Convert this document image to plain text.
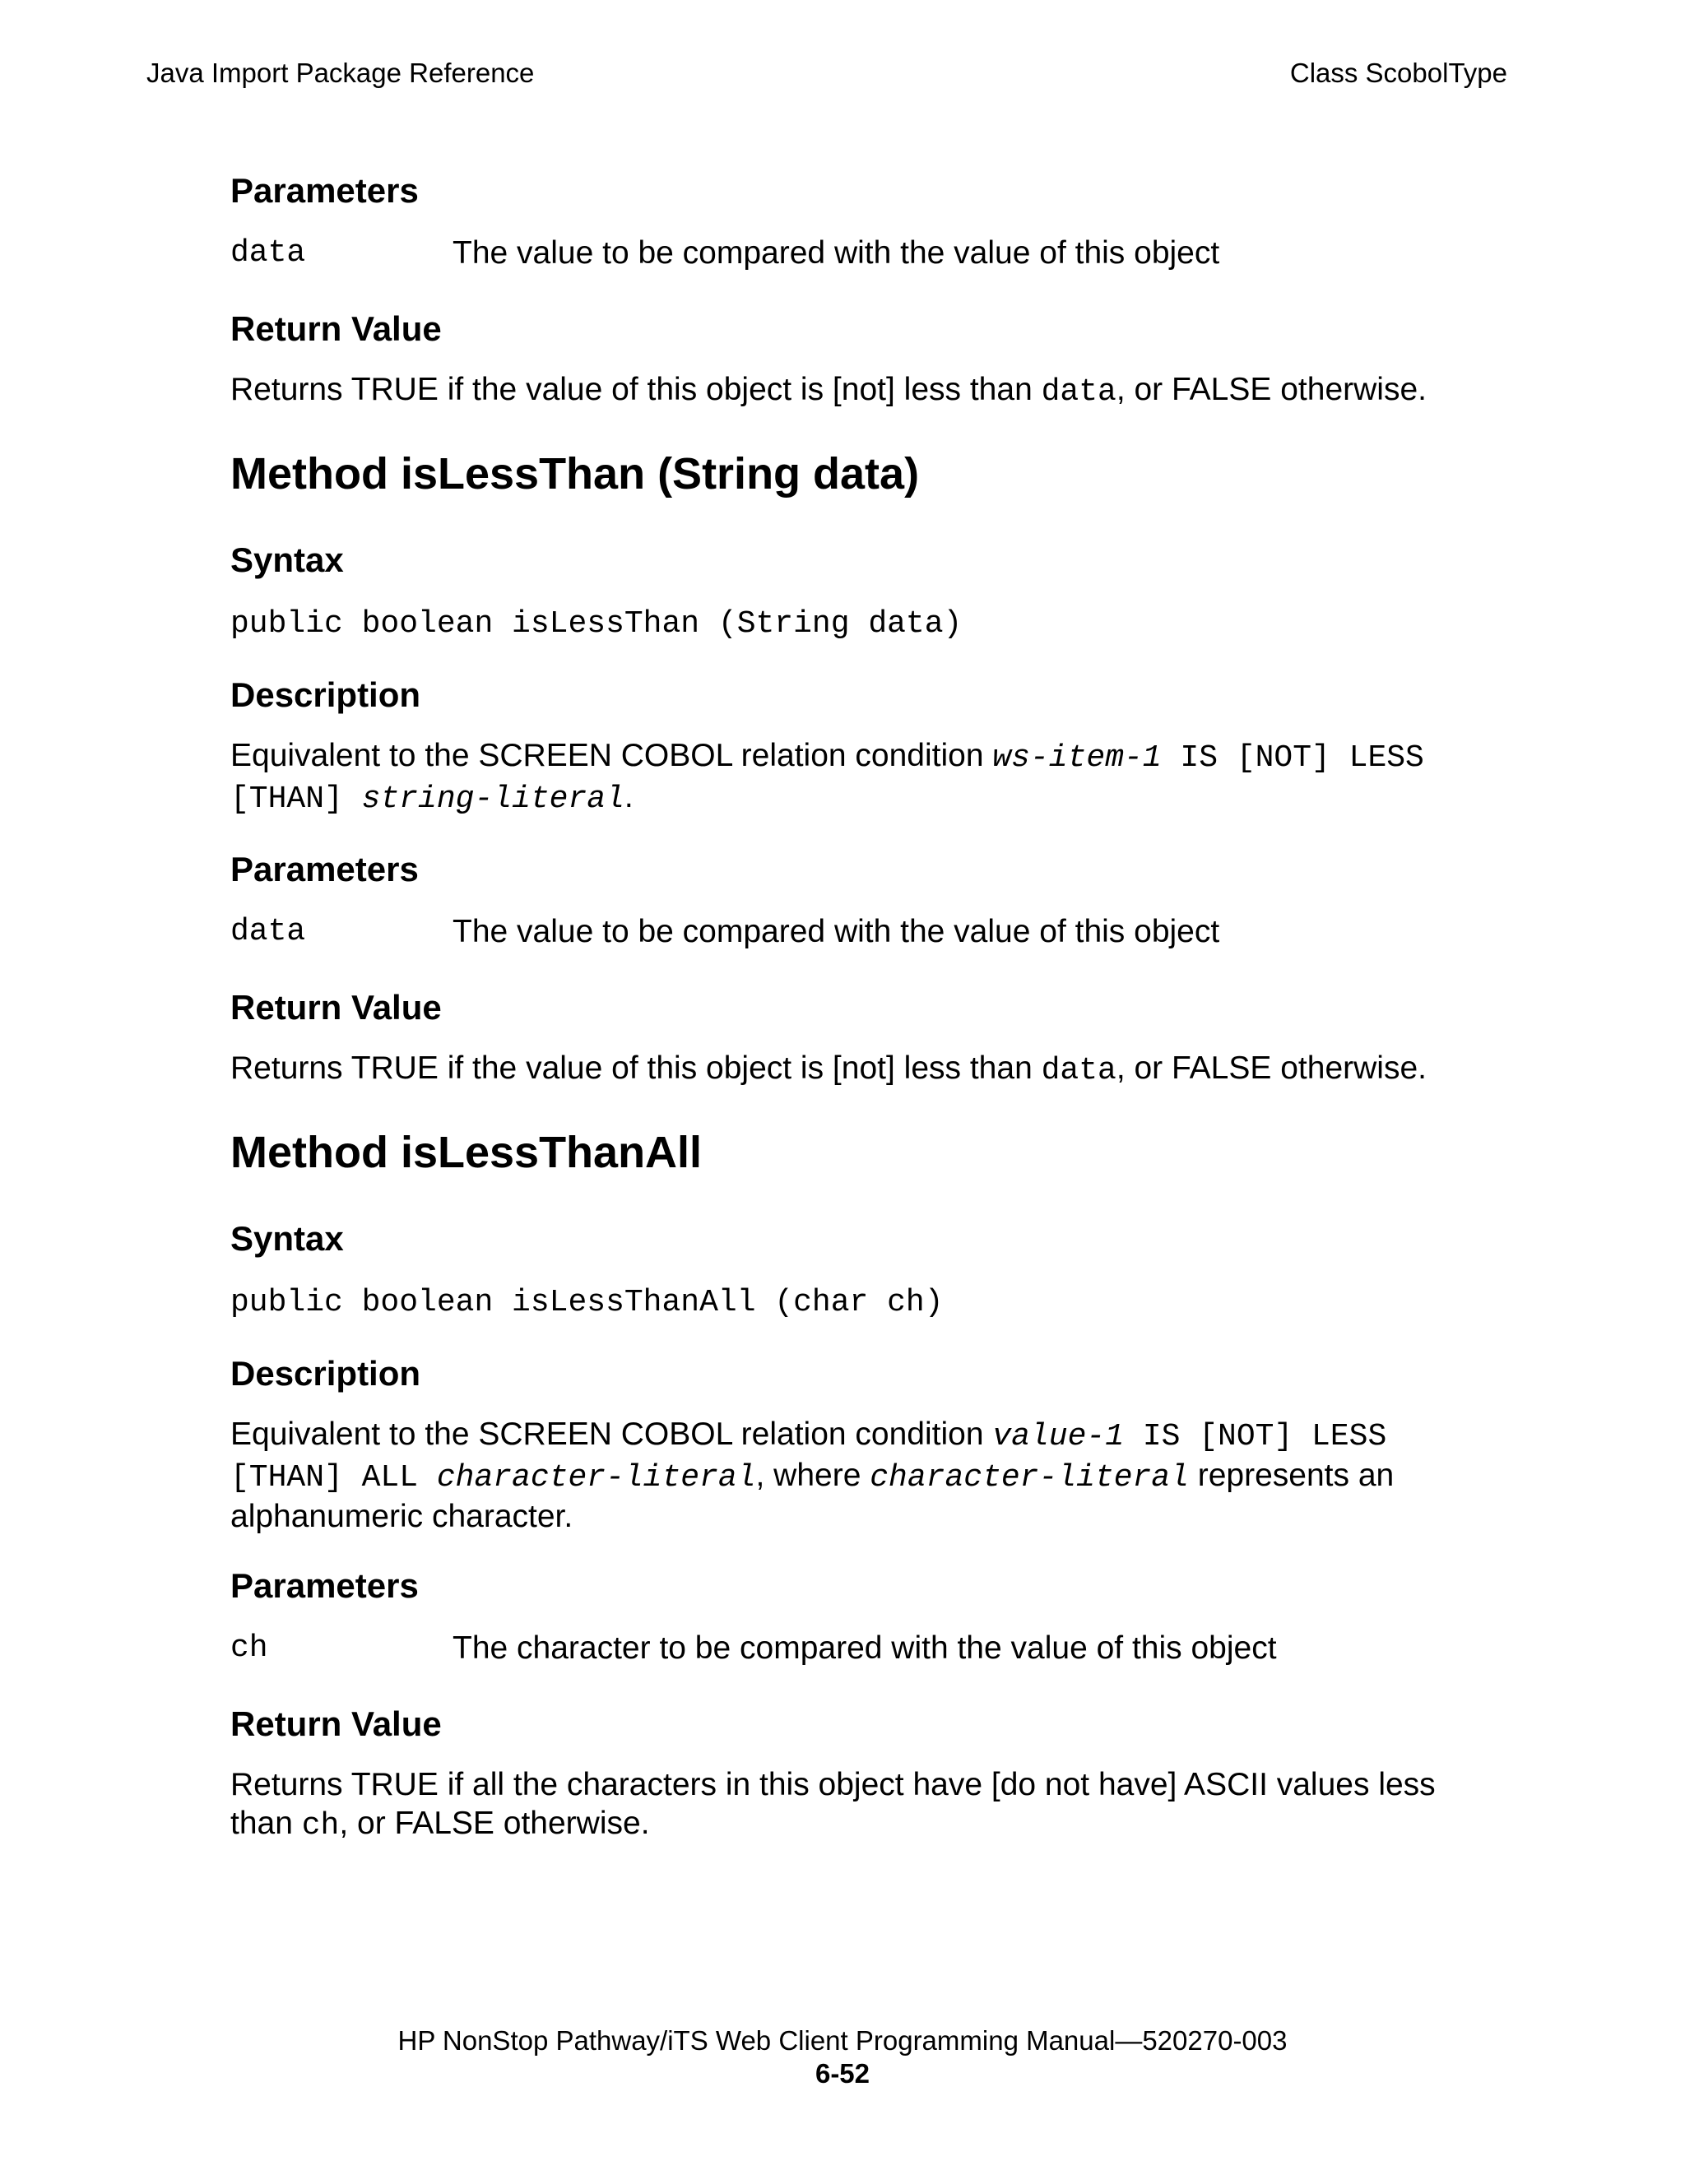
Java Import Package Reference	Class ScobolType
Parameters
data	The value to be compared with the value of this object
Return Value
Returns TRUE if the value of this object is [not] less than data, or FALSE otherwise.
Method isLessThan (String data)
Syntax
public boolean isLessThan (String data)
Description
Equivalent to the SCREEN COBOL relation condition ws-item-1 IS [NOT] LESS
[THAN] string-literal.
Parameters
data	The value to be compared with the value of this object
Return Value
Returns TRUE if the value of this object is [not] less than data, or FALSE otherwise.
Method isLessThanAll
Syntax
public boolean isLessThanAll (char ch)
Description
Equivalent to the SCREEN COBOL relation condition value-1 IS [NOT] LESS
[THAN] ALL character-literal, where character-literal represents an
alphanumeric character.
Parameters
ch	The character to be compared with the value of this object
Return Value
Returns TRUE if all the characters in this object have [do not have] ASCII values less
than ch, or FALSE otherwise.
HP NonStop Pathway/iTS Web Client Programming Manual—520270-003
6-52
